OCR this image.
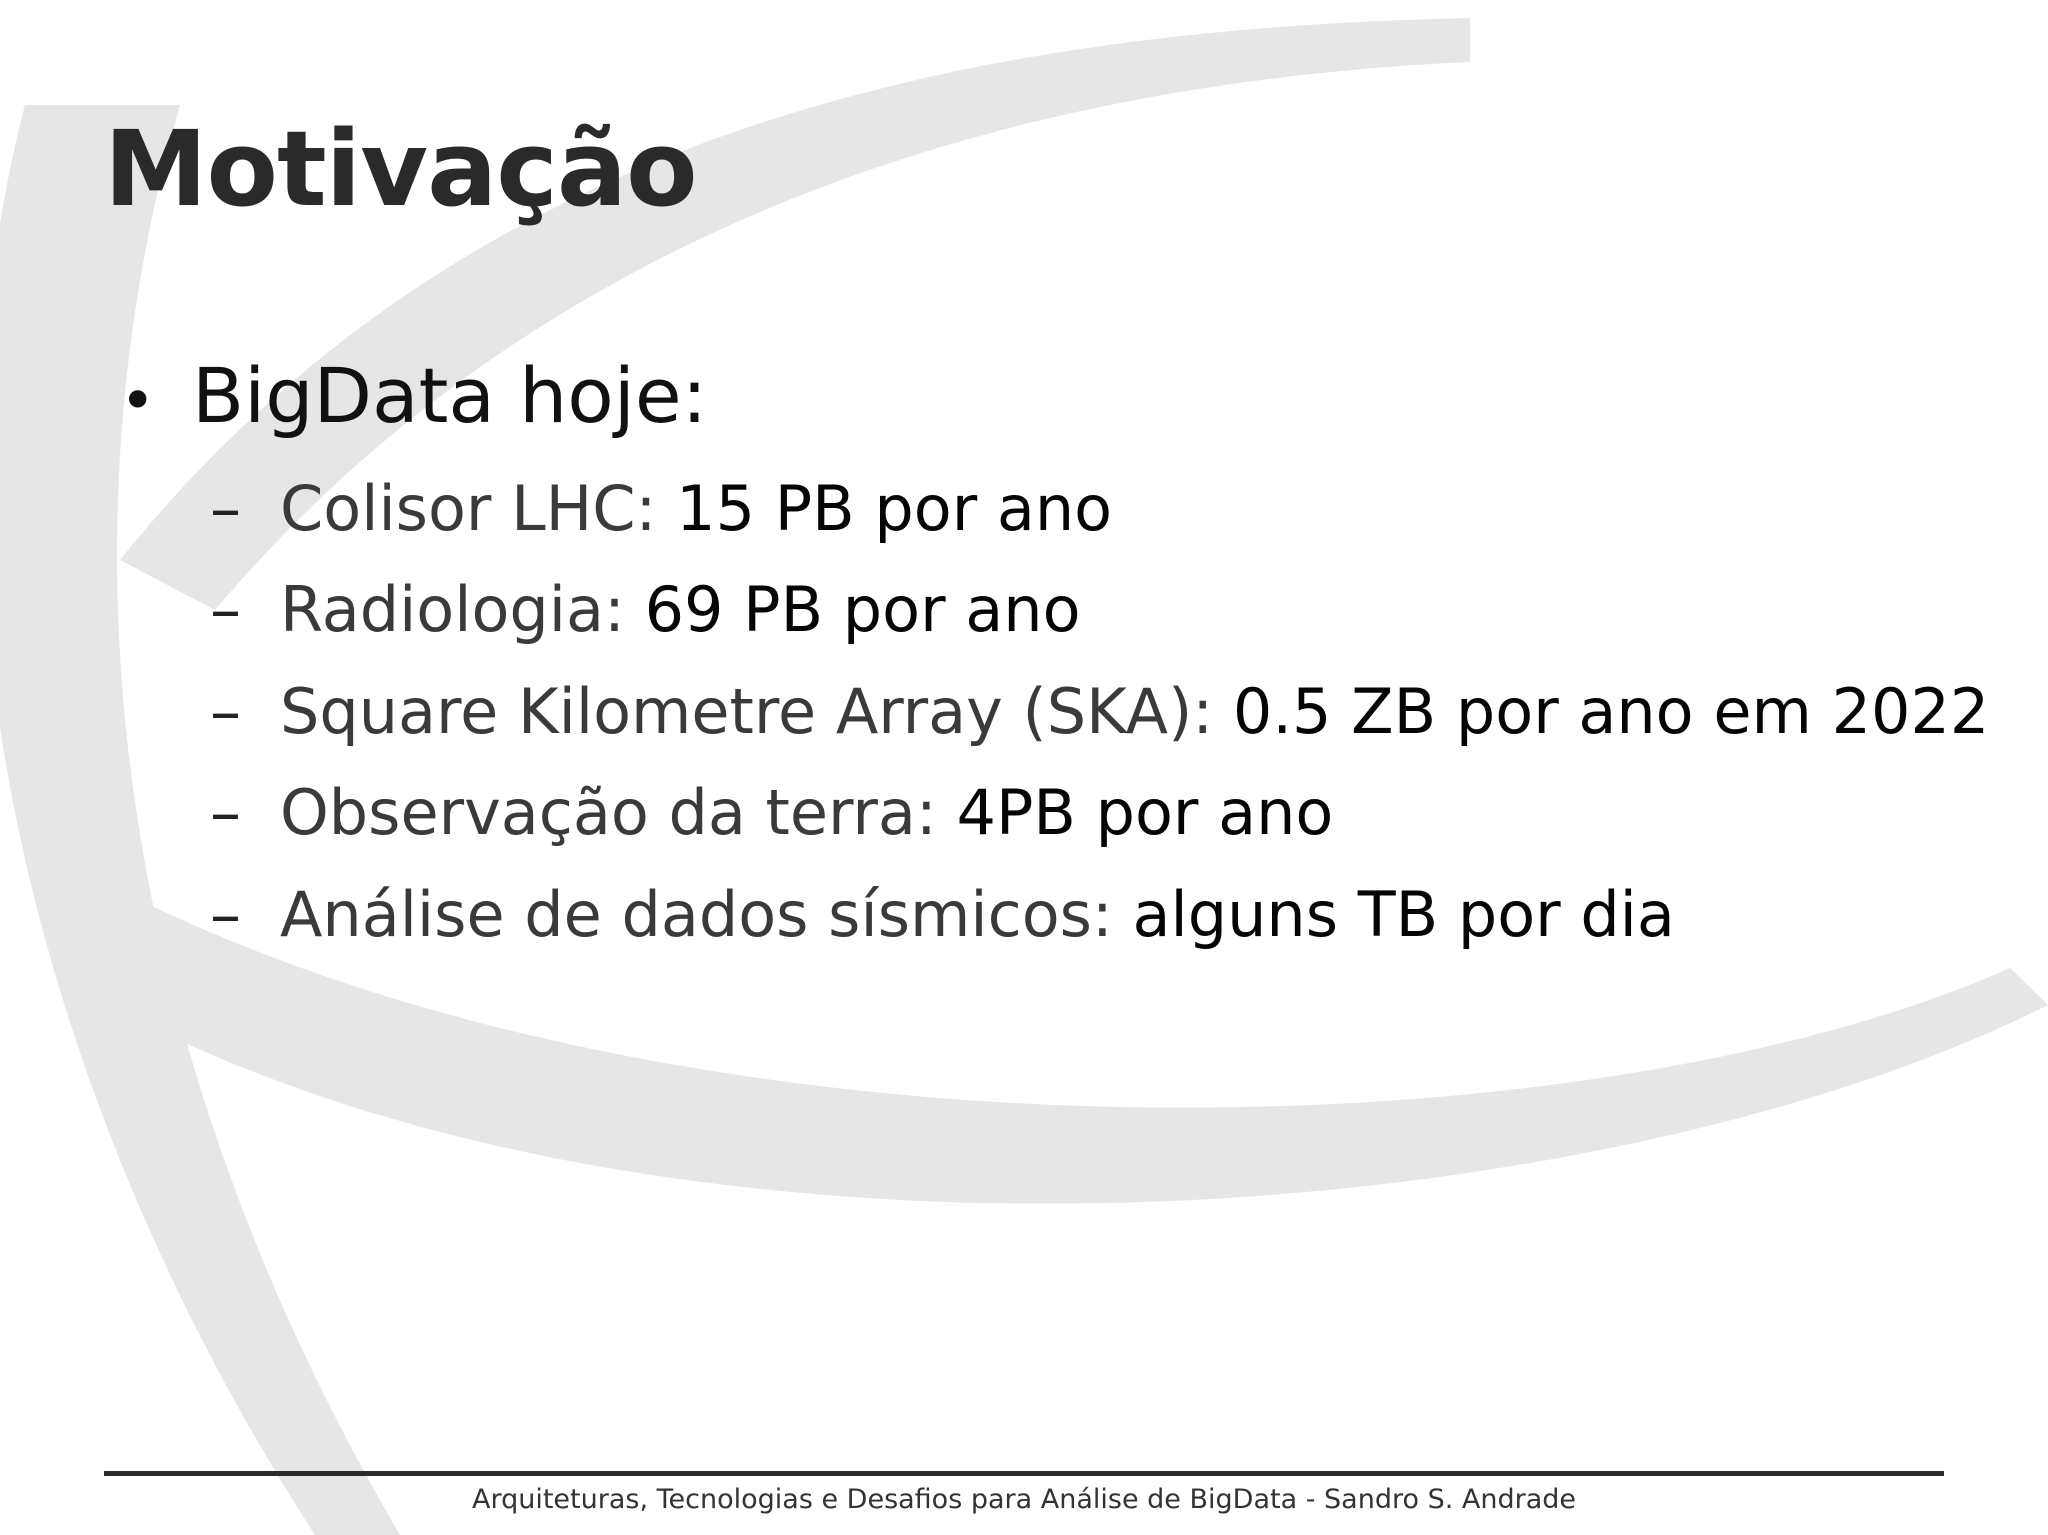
Motivação
• BigData hoje:
– Colisor LHC: 15 PB por ano
– Radiologia: 69 PB por ano
– Square Kilometre Array (SKA): 0.5 ZB por ano em 2022
– Observação da terra: 4PB por ano
– Análise de dados sísmicos: alguns TB por dia
Arquiteturas, Tecnologias e Desafios para Análise de BigData - Sandro S. Andrade
